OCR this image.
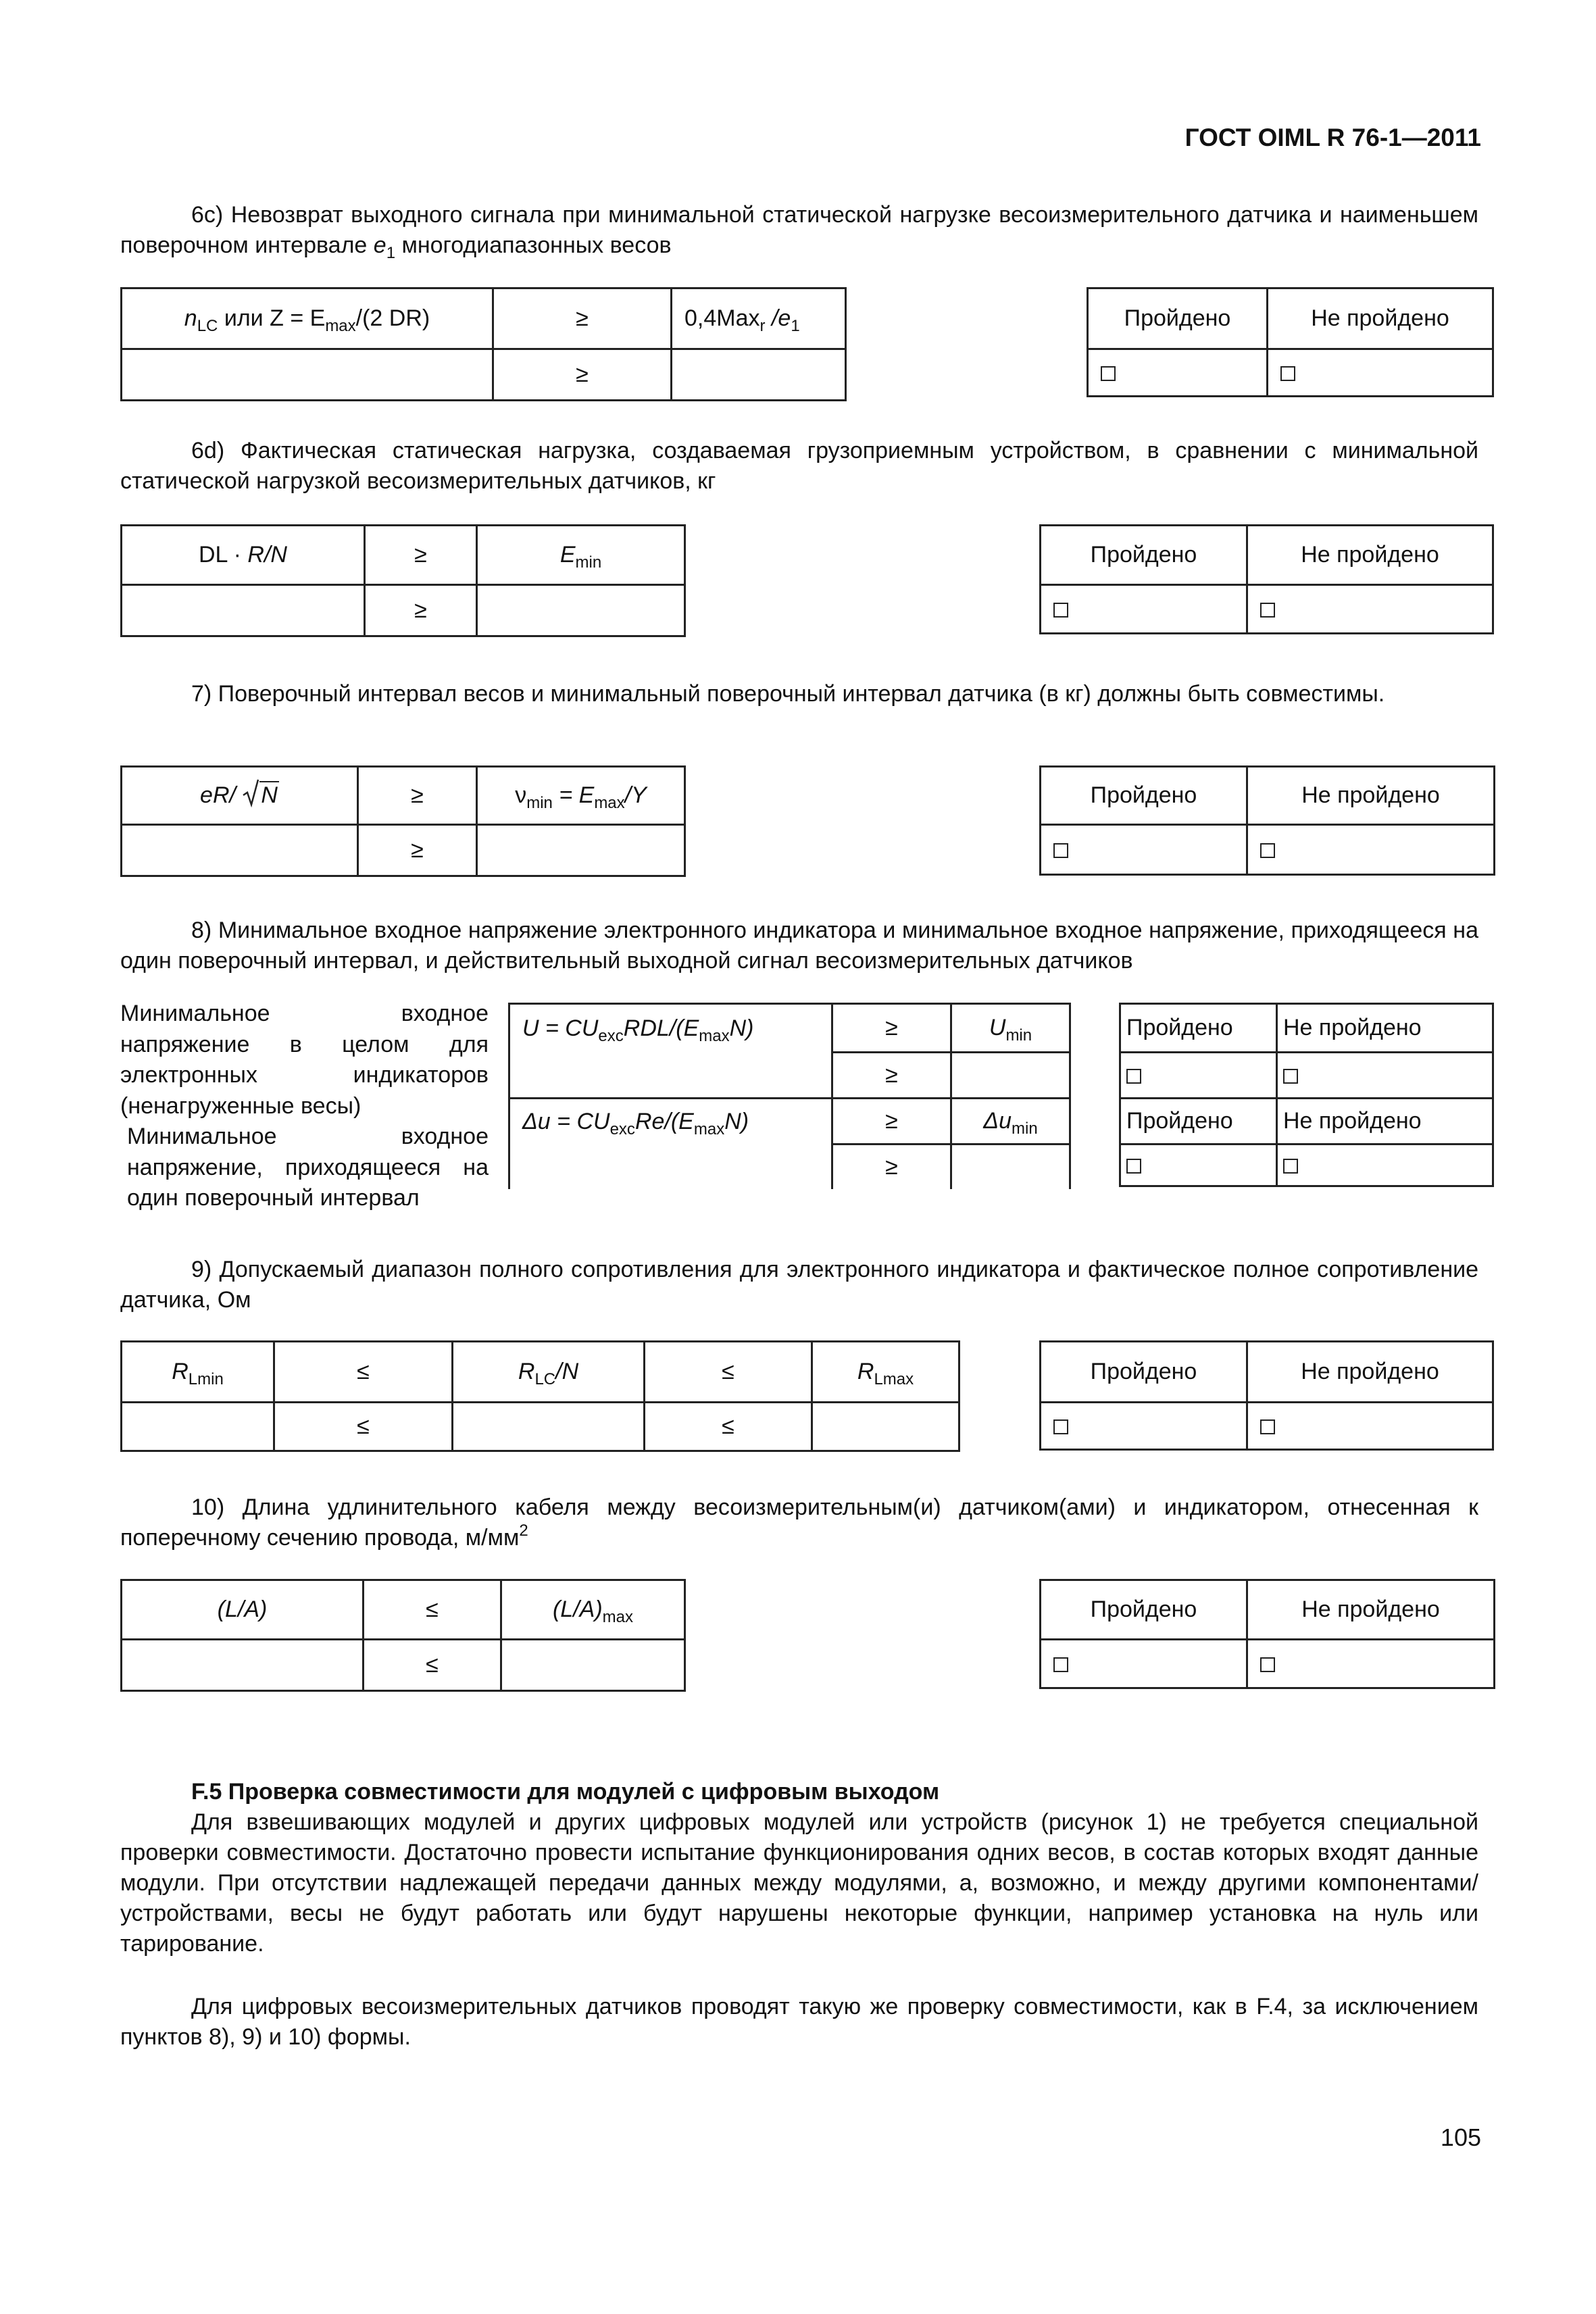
ГОСТ OIML R 76-1—2011
6с) Невозврат выходного сигнала при минимальной статической нагрузке весоизмерительного датчика и наименьшем поверочном интервале $e_1$ многодиапазонных весов
$n_{LC}$ или $Z = E_{max}/(2$ DR)	≥	0,4Max$_r$ $/e_1$
	≥	
Пройдено	Не пройдено

6d) Фактическая статическая нагрузка, создаваемая грузоприемным устройством, в сравнении с минимальной статической нагрузкой весоизмерительных датчиков, кг
DL · R/N	≥	$E_{min}$
	≥	
Пройдено	Не пройдено

7) Поверочный интервал весов и минимальный поверочный интервал датчика (в кг) должны быть совместимы.
eR/
N	≥	$\nu_{min} = E_{max}/Y$
	≥	
Пройдено	Не пройдено

8) Минимальное входное напряжение электронного индикатора и минимальное входное напряжение, приходящееся на один поверочный интервал, и действительный выходной сигнал весоизмерительных датчиков
Минимальное входное напряжение в целом для электронных индикаторов (ненагруженные весы)
Минимальное входное напряжение, приходящееся на один поверочный интервал
$U = CU_{exc}RDL/(E_{max}N)$	≥	$U_{min}$
	≥	
$\Delta u = CU_{exc}Re/(E_{max}N)$	≥	$\Delta u_{min}$
	≥	
Пройдено	Не пройдено

Пройдено	Не пройдено

9) Допускаемый диапазон полного сопротивления для электронного индикатора и фактическое полное сопротивление датчика, Ом
$R_{Lmin}$	≤	$R_{LC}/N$	≤	$R_{Lmax}$
	≤		≤	
Пройдено	Не пройдено

10) Длина удлинительного кабеля между весоизмерительным(и) датчиком(ами) и индикатором, отнесенная к поперечному сечению провода, $м/мм^2$
(L/A)	≤	$(L/A)_{max}$
	≤	
Пройдено	Не пройдено

F.5 Проверка совместимости для модулей с цифровым выходом
Для взвешивающих модулей и других цифровых модулей или устройств (рисунок 1) не требуется специальной проверки совместимости. Достаточно провести испытание функционирования одних весов, в состав которых входят данные модули. При отсутствии надлежащей передачи данных между модулями, а, возможно, и между другими компонентами/ устройствами, весы не будут работать или будут нарушены некоторые функции, например установка на нуль или тарирование.
Для цифровых весоизмерительных датчиков проводят такую же проверку совместимости, как в F.4, за исключением пунктов 8), 9) и 10) формы.
105
